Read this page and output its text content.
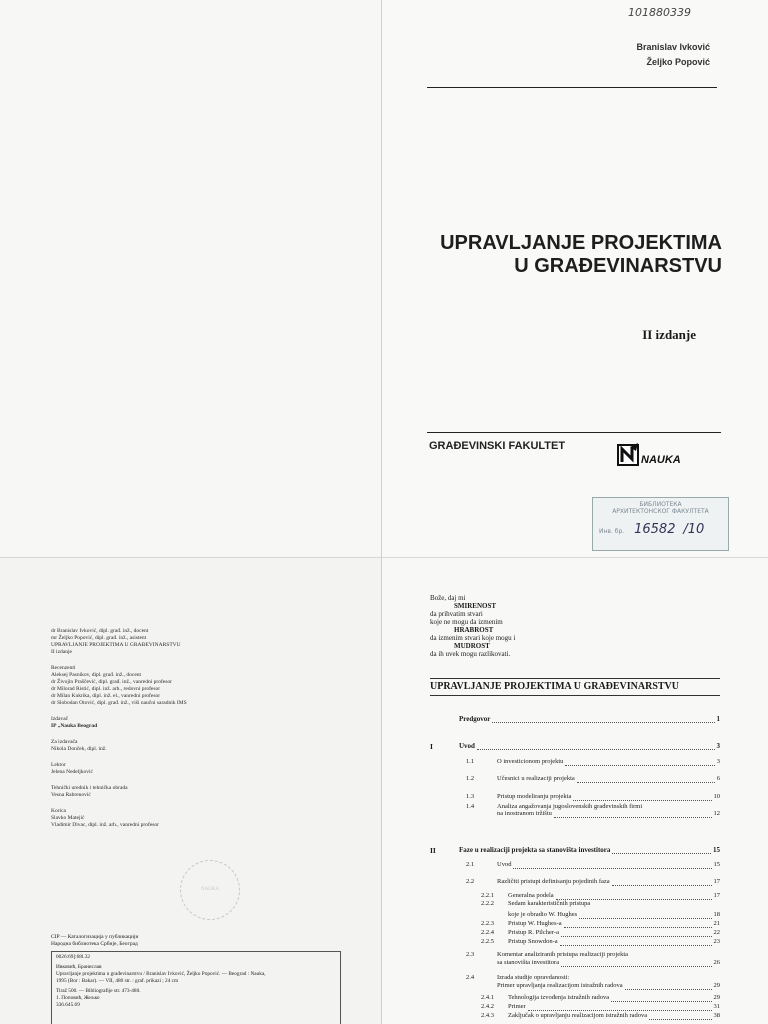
101880339
Branislav Ivković
Željko Popović
UPRAVLJANJE PROJEKTIMA
U GRAĐEVINARSTVU
II izdanje
GRAĐEVINSKI FAKULTET
NAUKA
БИБЛИОТЕКА
АРХИТЕКТОНСКОГ ФАКУЛТЕТА
Инв. бр. 16582 /10
dr Branislav Ivković, dipl. građ. inž., docent
mr Željko Popović, dipl. građ. inž., asistent
UPRAVLJANJE PROJEKTIMA U GRAĐEVINARSTVU
II izdanje
Recenzenti
Aleksej Pasnikov, dipl. građ. inž., docent
dr Živojin Praščević, dipl. građ. inž., vanredni profesor
dr Milorad Ristić, dipl. inž. arh., redovni profesor
dr Milan Kukrika, dipl. inž. el., vanredni profesor
dr Slobodan Otović, dipl. građ. inž., viši naučni saradnik IMS
Izdavač
IP „Nauka Beograd
Za izdavača
Nikola Donček, dipl. inž.
Lektor
Jelena Nedeljković
Tehnički urednik i tehnička obrada
Vesna Rabrenović
Korica
Slavko Matejić
Vladimir Divac, dipl. inž. arh., vanredni profesor
NAUKA
CIP — Каталогизација у публикацији
Народна библиотека Србије, Београд
0026:69]:68l.32
Ивковић, Бранислав
Upravljanje projektima u građevinarstvu / Branislav Ivković, Željko Popović. — Beograd : Nauka,
1995 (Bor : Bakar). — VII, 480 str. : graf. prikazi ; 24 cm
Tiraž 500. — Bibliografije str. 473-480.
1. Поповић, Жељко
336.645.69
Bože, daj mi
SMIRENOST
da prihvatim stvari
koje ne mogu da izmenim
HRABROST
da izmenim stvari koje mogu i
MUDROST
da ih uvek mogu razlikovati.
UPRAVLJANJE PROJEKTIMA U GRAĐEVINARSTVU
Predgovor	1
I	Uvod	3
1.1	O investicionom projektu	3
1.2	Učesnici u realizaciji projekta	6
1.3	Pristup modeliranju projekta	10
1.4	Analiza angažovanja jugoslovenskih građevinskih firmi
na inostranom tržištu	12
II	Faze u realizaciji projekta sa stanovišta investitora	15
2.1	Uvod	15
2.2	Različiti pristupi definisanju pojedinih faza	17
2.2.1 Generalna podela	17
2.2.2 Sedam karakterističnih pristupa
koje je obradio W. Hughes	18
2.2.3 Pristup W. Hughes-a	21
2.2.4 Pristup R. Pilcher-a	22
2.2.5 Pristup Snowdon-a	23
2.3	Komentar analiziranih pristupa realizaciji projekta
sa stanovišta investitora	26
2.4	Izrada studije opravdanosti:
Primer upravljanja realizacijom istražnih radova	29
2.4.1 Tehnologija izvođenja istražnih radova	29
2.4.2 Primer	31
2.4.3 Zaključak o upravljanju realizacijom istražnih radova	38
